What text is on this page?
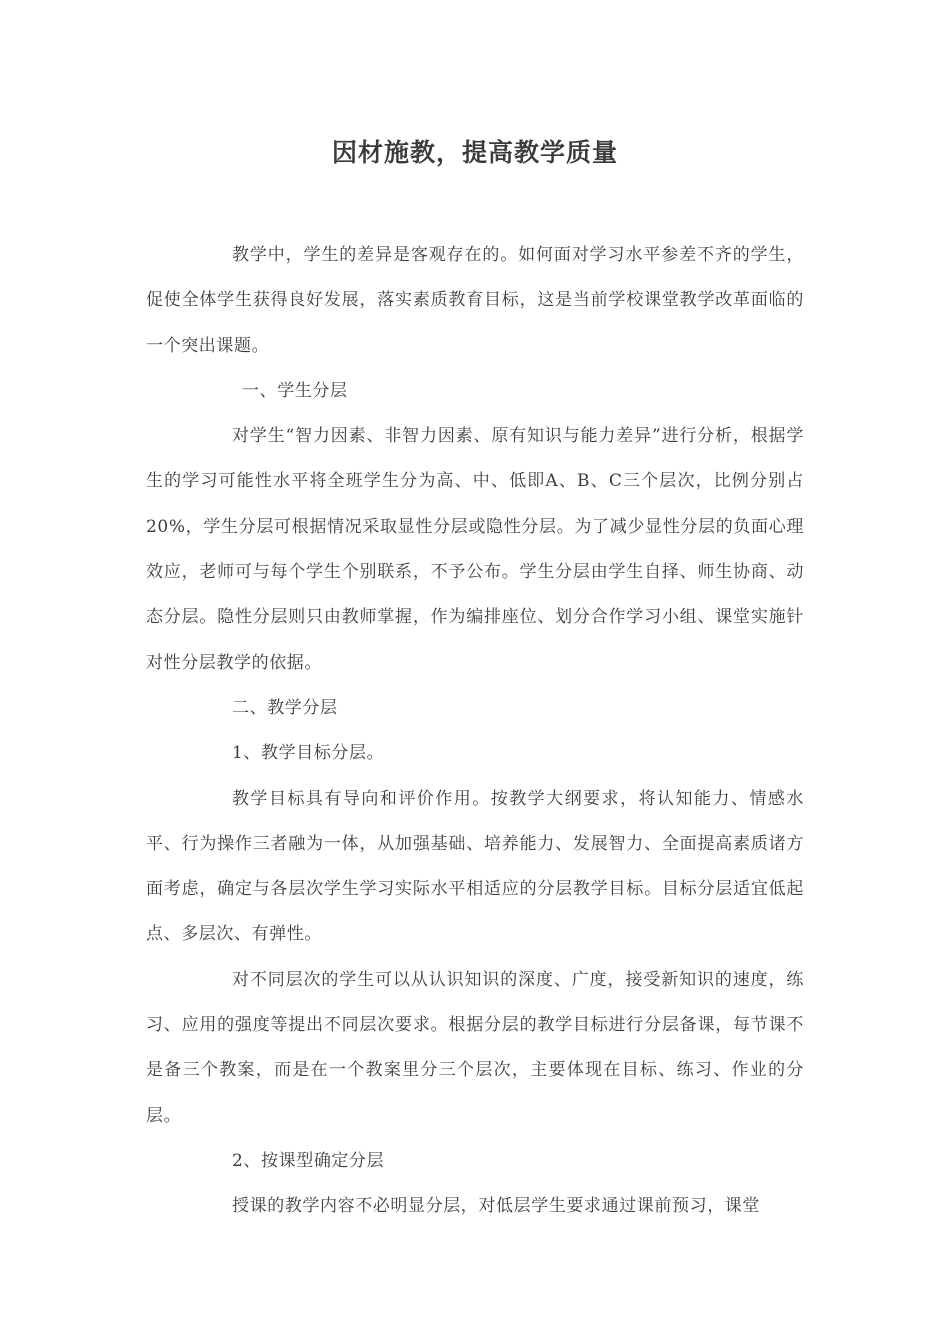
因材施教，提高教学质量

教学中，学生的差异是客观存在的。如何面对学习水平参差不齐的学生，促使全体学生获得良好发展，落实素质教育目标，这是当前学校课堂教学改革面临的一个突出课题。

一、学生分层

对学生“智力因素、非智力因素、原有知识与能力差异”进行分析，根据学生的学习可能性水平将全班学生分为高、中、低即A、B、C三个层次，比例分别占20%，学生分层可根据情况采取显性分层或隐性分层。为了减少显性分层的负面心理效应，老师可与每个学生个别联系，不予公布。学生分层由学生自择、师生协商、动态分层。隐性分层则只由教师掌握，作为编排座位、划分合作学习小组、课堂实施针对性分层教学的依据。

二、教学分层

1、教学目标分层。

教学目标具有导向和评价作用。按教学大纲要求，将认知能力、情感水平、行为操作三者融为一体，从加强基础、培养能力、发展智力、全面提高素质诸方面考虑，确定与各层次学生学习实际水平相适应的分层教学目标。目标分层适宜低起点、多层次、有弹性。

对不同层次的学生可以从认识知识的深度、广度，接受新知识的速度，练习、应用的强度等提出不同层次要求。根据分层的教学目标进行分层备课，每节课不是备三个教案，而是在一个教案里分三个层次，主要体现在目标、练习、作业的分层。

2、按课型确定分层

授课的教学内容不必明显分层，对低层学生要求通过课前预习，课堂
